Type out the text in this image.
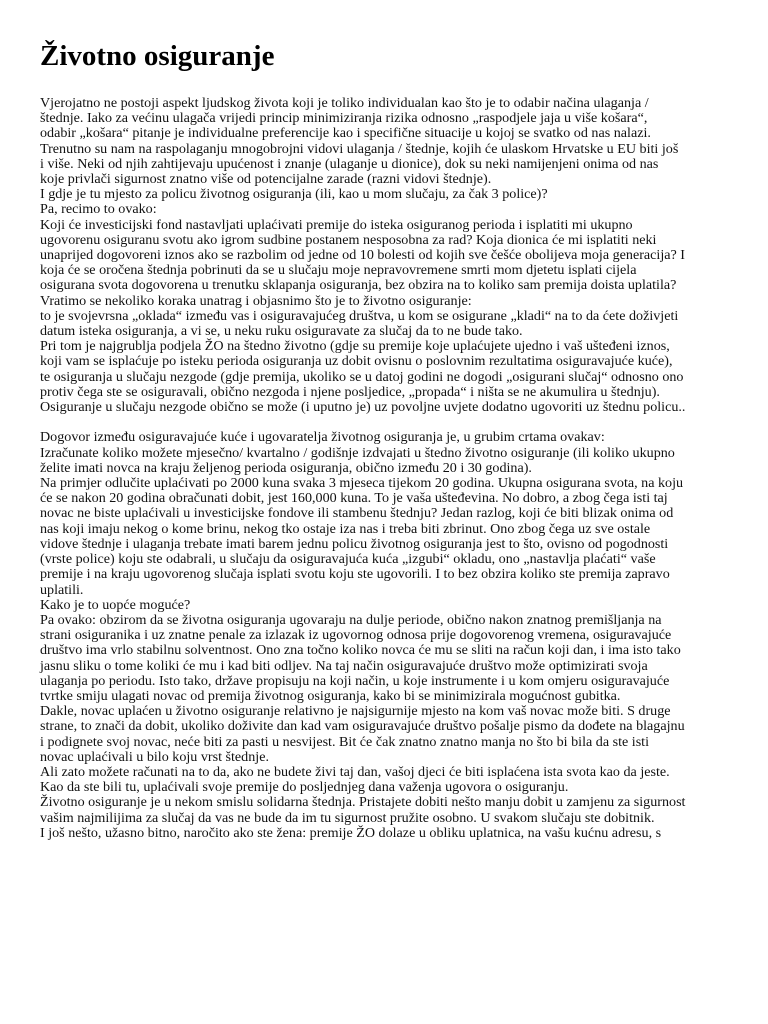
Životno osiguranje
Vjerojatno ne postoji aspekt ljudskog života koji je toliko individualan kao što je to odabir načina ulaganja /
štednje. Iako za većinu ulagača vrijedi princip minimiziranja rizika odnosno „raspodjele jaja u više košara“,
odabir „košara“ pitanje je individualne preferencije kao i specifične situacije u kojoj se svatko od nas nalazi.
Trenutno su nam na raspolaganju mnogobrojni vidovi ulaganja / štednje, kojih će ulaskom Hrvatske u EU biti još
i više. Neki od njih zahtijevaju upućenost i znanje (ulaganje u dionice), dok su neki namijenjeni onima od nas
koje privlači sigurnost znatno više od potencijalne zarade (razni vidovi štednje).
I gdje je tu mjesto za policu životnog osiguranja (ili, kao u mom slučaju, za čak 3 police)?
Pa, recimo to ovako:
Koji će investicijski fond nastavljati uplaćivati premije do isteka osiguranog perioda i isplatiti mi ukupno
ugovorenu osiguranu svotu ako igrom sudbine postanem nesposobna za rad? Koja dionica će mi isplatiti neki
unaprijed dogovoreni iznos ako se razbolim od jedne od 10 bolesti od kojih sve češće obolijeva moja generacija? I
koja će se oročena štednja pobrinuti da se u slučaju moje nepravovremene smrti mom djetetu isplati cijela
osigurana svota dogovorena u trenutku sklapanja osiguranja, bez obzira na to koliko sam premija doista uplatila?
Vratimo se nekoliko koraka unatrag i objasnimo što je to životno osiguranje:
to je svojevrsna „oklada“ između vas i osiguravajućeg društva, u kom se osigurane „kladi“ na to da ćete doživjeti
datum isteka osiguranja, a vi se, u neku ruku osiguravate za slučaj da to ne bude tako.
Pri tom je najgrublja podjela ŽO na štedno životno (gdje su premije koje uplaćujete ujedno i vaš ušteđeni iznos,
koji vam se isplaćuje po isteku perioda osiguranja uz dobit ovisnu o poslovnim rezultatima osiguravajuće kuće),
te osiguranja u slučaju nezgode (gdje premija, ukoliko se u datoj godini ne dogodi „osigurani slučaj“ odnosno ono
protiv čega ste se osiguravali, obično nezgoda i njene posljedice, „propada“ i ništa se ne akumulira u štednju).
Osiguranje u slučaju nezgode obično se može (i uputno je) uz povoljne uvjete dodatno ugovoriti uz štednu policu..

Dogovor između osiguravajuće kuće i ugovaratelja životnog osiguranja je, u grubim crtama ovakav:
Izračunate koliko možete mjesečno/ kvartalno / godišnje izdvajati u štedno životno osiguranje (ili koliko ukupno
želite imati novca na kraju željenog perioda osiguranja, obično između 20 i 30 godina).
Na primjer odlučite uplaćivati po 2000 kuna svaka 3 mjeseca tijekom 20 godina. Ukupna osigurana svota, na koju
će se nakon 20 godina obračunati dobit, jest 160,000 kuna. To je vaša ušteđevina. No dobro, a zbog čega isti taj
novac ne biste uplaćivali u investicijske fondove ili stambenu štednju? Jedan razlog, koji će biti blizak onima od
nas koji imaju nekog o kome brinu, nekog tko ostaje iza nas i treba biti zbrinut. Ono zbog čega uz sve ostale
vidove štednje i ulaganja trebate imati barem jednu policu životnog osiguranja jest to što, ovisno od pogodnosti
(vrste police) koju ste odabrali, u slučaju da osiguravajuća kuća „izgubi“ okladu, ono „nastavlja plaćati“ vaše
premije i na kraju ugovorenog slučaja isplati svotu koju ste ugovorili. I to bez obzira koliko ste premija zapravo
uplatili.
Kako je to uopće moguće?
Pa ovako: obzirom da se životna osiguranja ugovaraju na dulje periode, obično nakon znatnog premišljanja na
strani osiguranika i uz znatne penale za izlazak iz ugovornog odnosa prije dogovorenog vremena, osiguravajuće
društvo ima vrlo stabilnu solventnost. Ono zna točno koliko novca će mu se sliti na račun koji dan, i ima isto tako
jasnu sliku o tome koliki će mu i kad biti odljev. Na taj način osiguravajuće društvo može optimizirati svoja
ulaganja po periodu. Isto tako, države propisuju na koji način, u koje instrumente i u kom omjeru osiguravajuće
tvrtke smiju ulagati novac od premija životnog osiguranja, kako bi se minimizirala mogućnost gubitka.
Dakle, novac uplaćen u životno osiguranje relativno je najsigurnije mjesto na kom vaš novac može biti. S druge
strane, to znači da dobit, ukoliko doživite dan kad vam osiguravajuće društvo pošalje pismo da dođete na blagajnu
i podignete svoj novac, neće biti za pasti u nesvijest. Bit će čak znatno znatno manja no što bi bila da ste isti
novac uplaćivali u bilo koju vrst štednje.
Ali zato možete računati na to da, ako ne budete živi taj dan, vašoj djeci će biti isplaćena ista svota kao da jeste.
Kao da ste bili tu, uplaćivali svoje premije do posljednjeg dana važenja ugovora o osiguranju.
Životno osiguranje je u nekom smislu solidarna štednja. Pristajete dobiti nešto manju dobit u zamjenu za sigurnost
vašim najmilijima za slučaj da vas ne bude da im tu sigurnost pružite osobno. U svakom slučaju ste dobitnik.
I još nešto, užasno bitno, naročito ako ste žena: premije ŽO dolaze u obliku uplatnica, na vašu kućnu adresu, s
